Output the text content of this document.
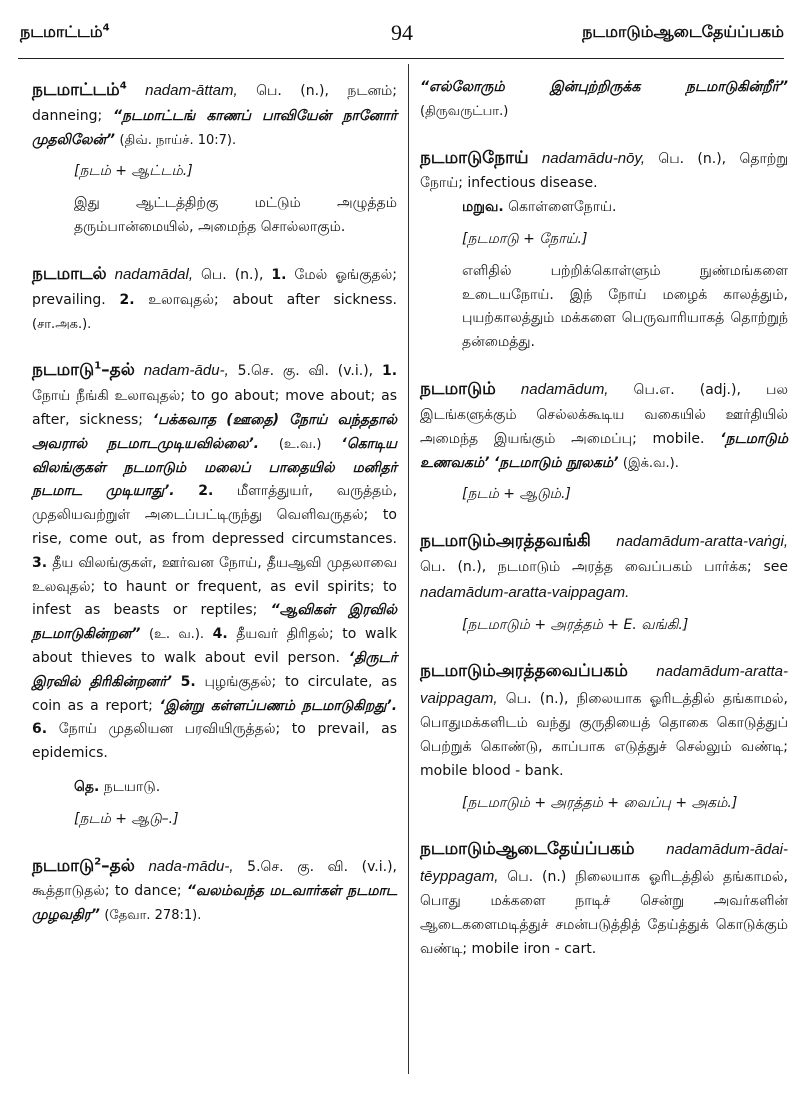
நடமாட்டம்$^4$	94	நடமாடும்ஆடைதேய்ப்பகம்
நடமாட்டம்$^4$ nadam-āttam, பெ. (n.), நடனம்; danneing; “நடமாட்டங் காணப் பாவியேன் நானோர் முதலிலேன்” (திவ். நாய்ச். 10:7).
[நடம் + ஆட்டம்.]
இது ஆட்டத்திற்கு மட்டும் அழுத்தம் தரும்பான்மையில், அமைந்த சொல்லாகும்.
நடமாடல் nadamādal, பெ. (n.), 1. மேல் ஓங்குதல்; prevailing. 2. உலாவுதல்; about after sickness. (சா.அக.).
நடமாடு$^1$–தல் nadam-ādu-, 5.செ. கு. வி. (v.i.), 1. நோய் நீங்கி உலாவுதல்; to go about; move about; as after, sickness; ‘பக்கவாத (ஊதை) நோய் வந்ததால் அவரால் நடமாடமுடியவில்லை’. (உ.வ.) ‘கொடிய விலங்குகள் நடமாடும் மலைப் பாதையில் மனிதர் நடமாட முடியாது’. 2. மீளாத்துயர், வருத்தம், முதலியவற்றுள் அடைப்பட்டிருந்து வெளிவருதல்; to rise, come out, as from depressed circumstances. 3. தீய விலங்குகள், ஊர்வன நோய், தீயஆவி முதலாவை உலவுதல்; to haunt or frequent, as evil spirits; to infest as beasts or reptiles; “ஆவிகள் இரவில் நடமாடுகின்றன” (உ. வ.). 4. தீயவர் திரிதல்; to walk about thieves to walk about evil person. ‘திருடர் இரவில் திரிகின்றனர்’ 5. புழங்குதல்; to circulate, as coin as a report; ‘இன்று கள்ளப்பணம் நடமாடுகிறது’. 6. நோய் முதலியன பரவியிருத்தல்; to prevail, as epidemics.
தெ. நடயாடு.
[நடம் + ஆடு–.]
நடமாடு$^2$–தல் nada-mādu-, 5.செ. கு. வி. (v.i.), கூத்தாடுதல்; to dance; “வலம்வந்த மடவார்கள் நடமாட முழவதிர” (தேவா. 278:1).
“எல்லோரும் இன்புற்றிருக்க நடமாடுகின்றீர்” (திருவருட்பா.)
நடமாடுநோய் nadamādu-nōy, பெ. (n.), தொற்று நோய்; infectious disease.
மறுவ. கொள்ளைநோய்.
[நடமாடு + நோய்.]
எளிதில் பற்றிக்கொள்ளும் நுண்மங்களை உடையநோய். இந் நோய் மழைக் காலத்தும், புயற்காலத்தும் மக்களை பெருவாரியாகத் தொற்றுந் தன்மைத்து.
நடமாடும் nadamādum, பெ.எ. (adj.), பல இடங்களுக்கும் செல்லக்கூடிய வகையில் ஊர்தியில் அமைந்த இயங்கும் அமைப்பு; mobile. ‘நடமாடும் உணவகம்’ ‘நடமாடும் நூலகம்’ (இக்.வ.).
[நடம் + ஆடும்.]
நடமாடும்அரத்தவங்கி nadamādum-aratta-vaṅgi, பெ. (n.), நடமாடும் அரத்த வைப்பகம் பார்க்க; see nadamādum-aratta-vaippagam.
[நடமாடும் + அரத்தம் + E. வங்கி.]
நடமாடும்அரத்தவைப்பகம் nadamādum-aratta-vaippagam, பெ. (n.), நிலையாக ஓரிடத்தில் தங்காமல், பொதுமக்களிடம் வந்து குருதியைத் தொகை கொடுத்துப் பெற்றுக் கொண்டு, காப்பாக எடுத்துச் செல்லும் வண்டி; mobile blood - bank.
[நடமாடும் + அரத்தம் + வைப்பு + அகம்.]
நடமாடும்ஆடைதேய்ப்பகம் nadamādum-ādai-tēyppagam, பெ. (n.) நிலையாக ஓரிடத்தில் தங்காமல், பொது மக்களை நாடிச் சென்று அவர்களின் ஆடைகளைமடித்துச் சமன்படுத்தித் தேய்த்துக் கொடுக்கும் வண்டி; mobile iron - cart.
